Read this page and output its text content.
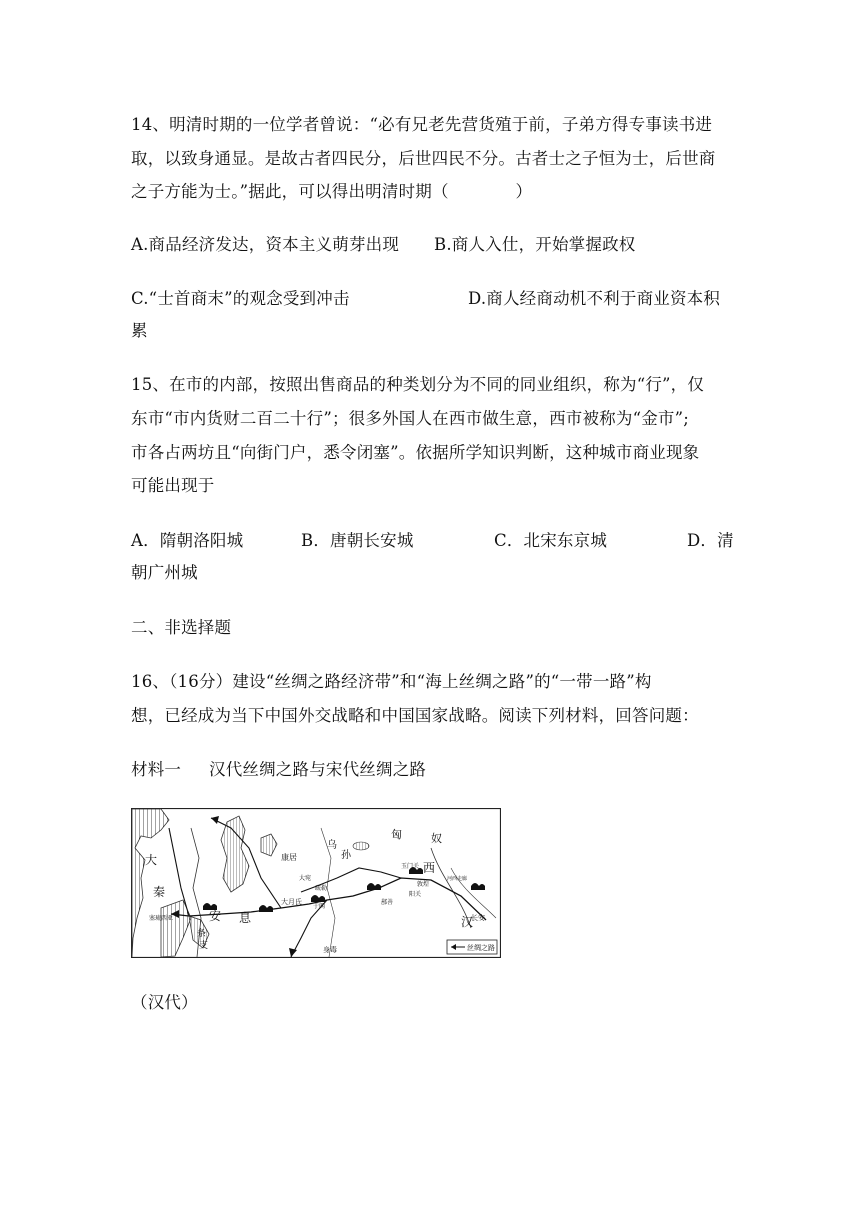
14、明清时期的一位学者曾说：“必有兄老先营货殖于前，子弟方得专事读书进
取，以致身通显。是故古者四民分，后世四民不分。古者士之子恒为士，后世商
之子方能为士。”据此，可以得出明清时期（　　　　）
A.商品经济发达，资本主义萌芽出现 B.商人入仕，开始掌握政权
C.“士首商末”的观念受到冲击	D.商人经商动机不利于商业资本积
累
15、在市的内部，按照出售商品的种类划分为不同的同业组织，称为“行”，仅
东市“市内货财二百二十行”；很多外国人在西市做生意，西市被称为“金市”;
市各占两坊且“向街门户，悉令闭塞”。依据所学知识判断，这种城市商业现象
可能出现于
A．隋朝洛阳城	B．唐朝长安城	C．北宋东京城	D．清
朝广州城
二、非选择题
16、（16分）建设“丝绸之路经济带”和“海上丝绸之路”的“一带一路”构
想，已经成为当下中国外交战略和中国国家战略。阅读下列材料，回答问题：
材料一 汉代丝绸之路与宋代丝绸之路
匈	奴
大
秦
康居
乌
孙
西
汉
长安
大宛
疏勒
于阗
大月氏
安 息
条
支
塞琉西亚
玉门关
敦煌
阳关
鄯善
河西走廊
身毒	丝绸之路
（汉代）
